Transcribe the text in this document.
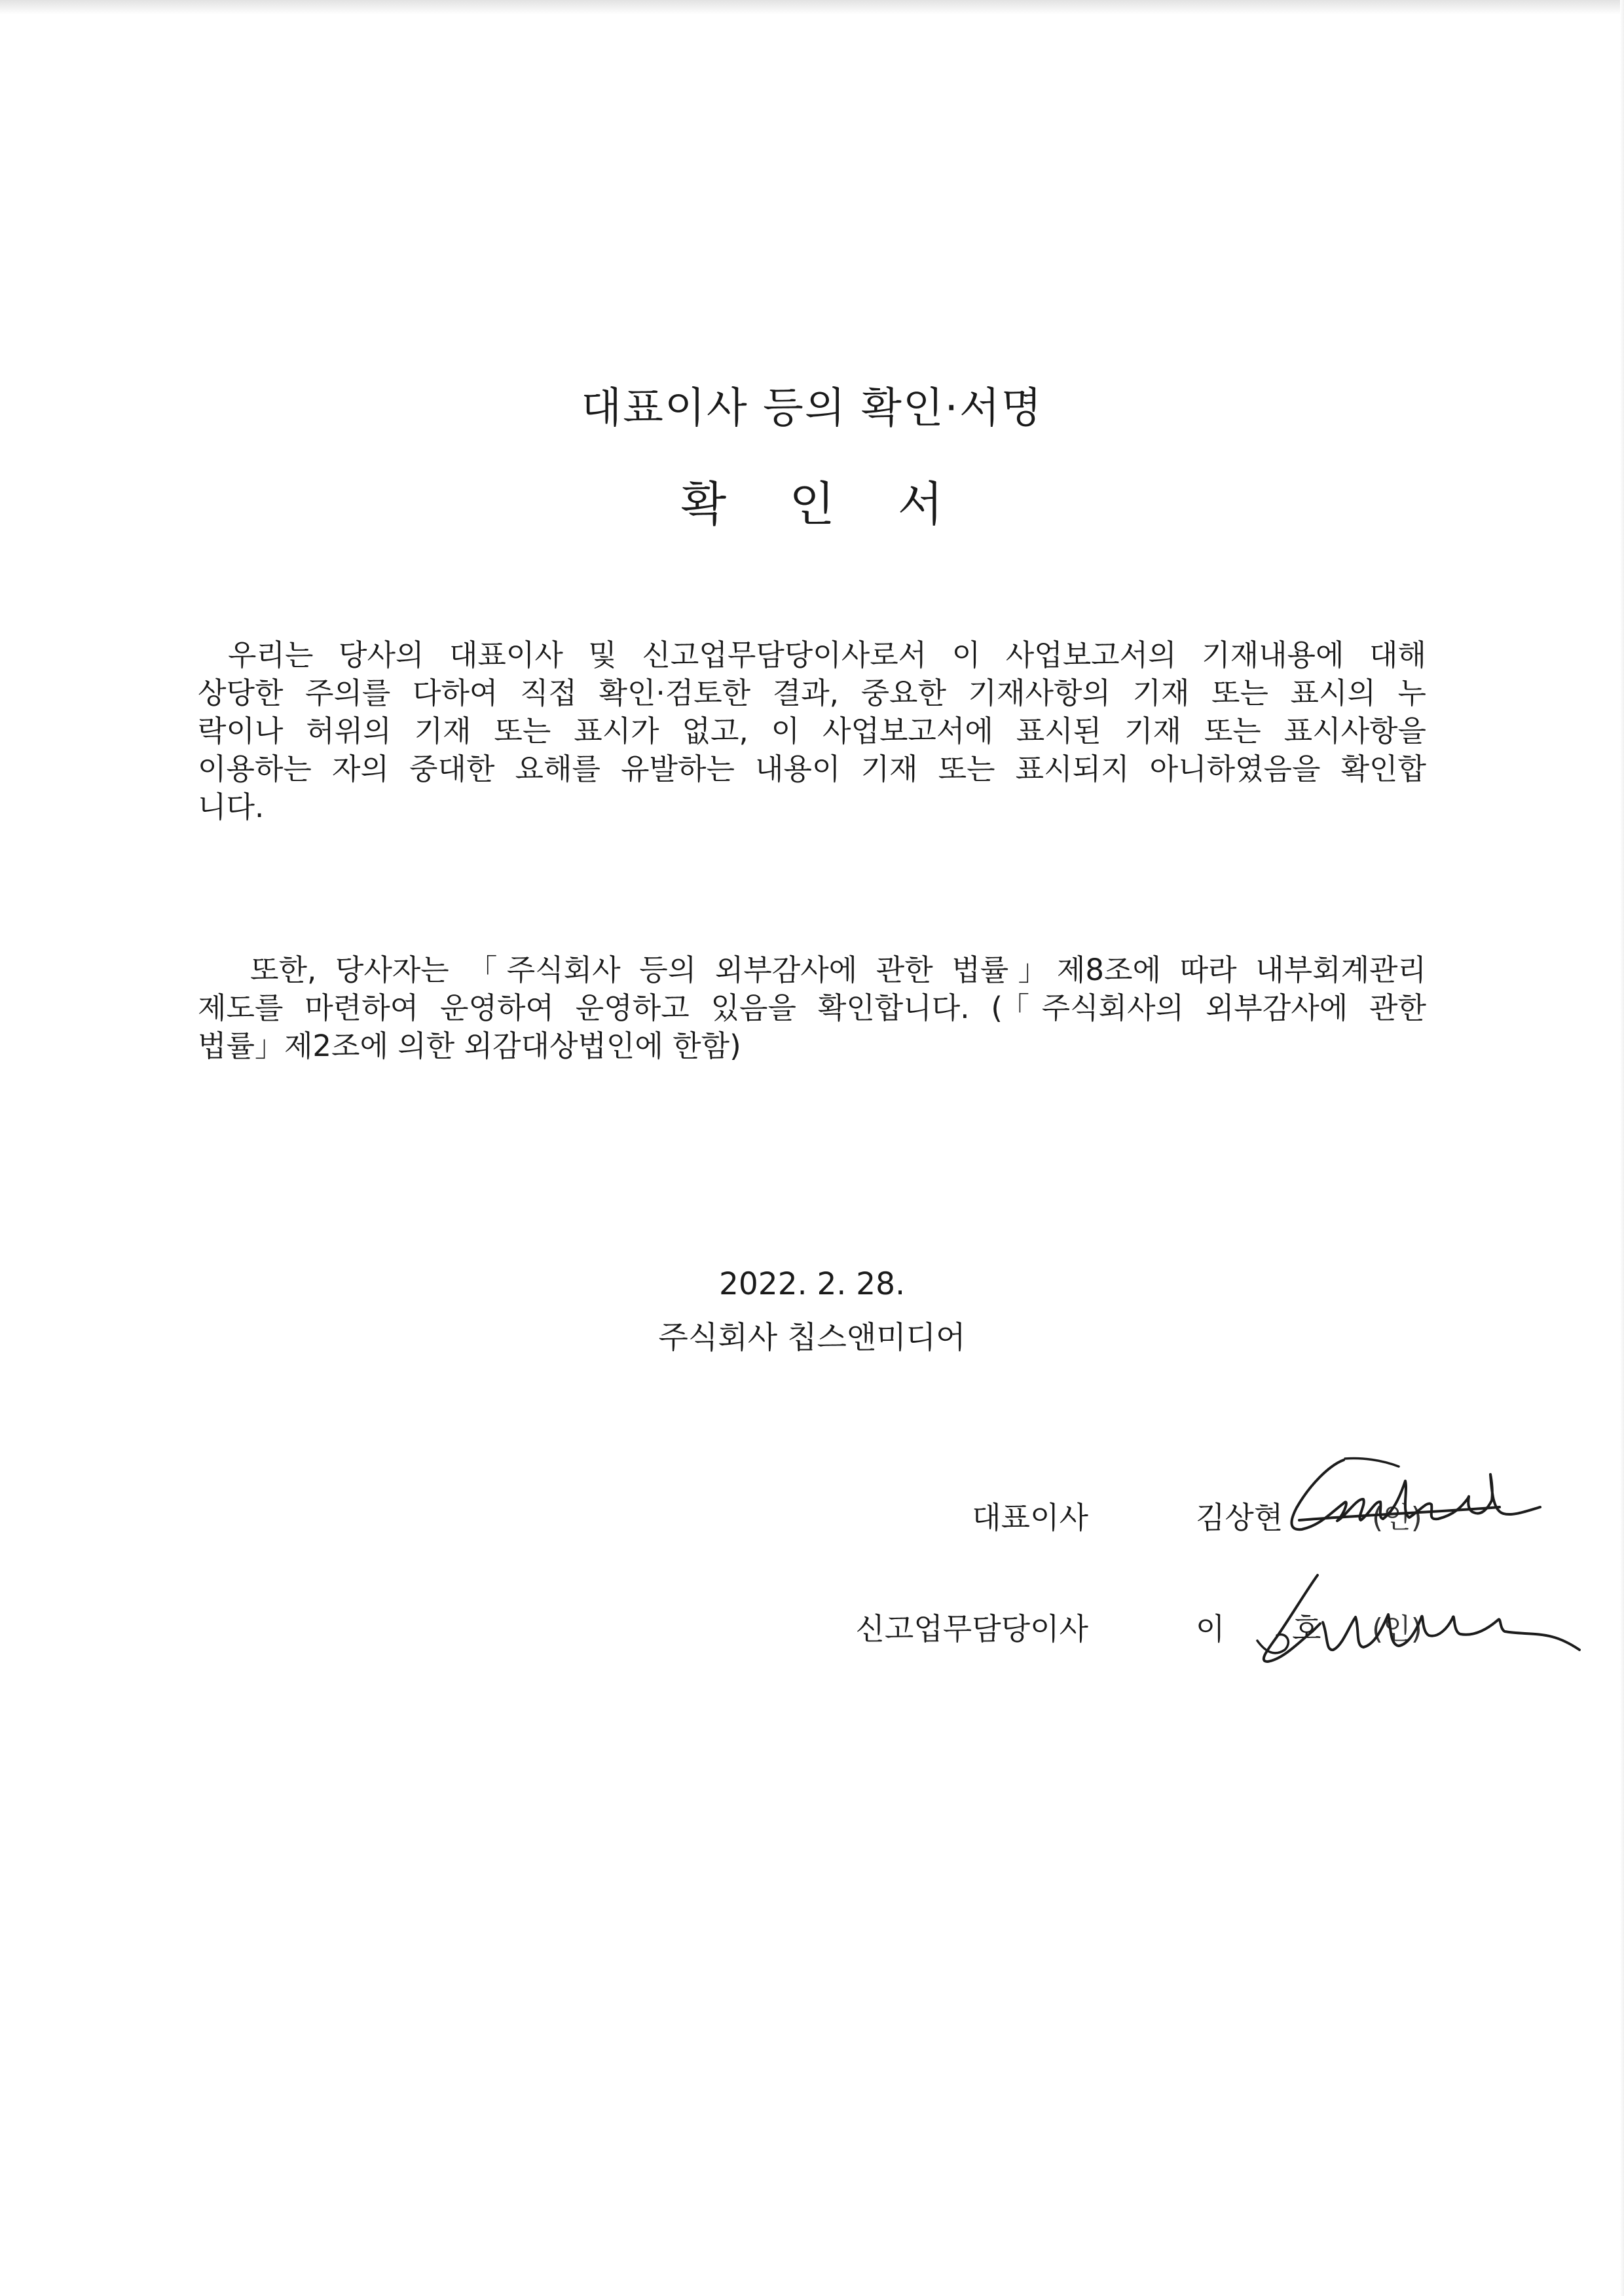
대표이사 등의 확인·서명
확인서
우리는 당사의 대표이사 및 신고업무담당이사로서 이 사업보고서의 기재내용에 대해
상당한 주의를 다하여 직접 확인·검토한 결과, 중요한 기재사항의 기재 또는 표시의 누
락이나 허위의 기재 또는 표시가 없고, 이 사업보고서에 표시된 기재 또는 표시사항을
이용하는 자의 중대한 요해를 유발하는 내용이 기재 또는 표시되지 아니하였음을 확인합
니다.
또한, 당사자는 「주식회사 등의 외부감사에 관한 법률」제8조에 따라 내부회계관리
제도를 마련하여 운영하여 운영하고 있음을 확인합니다. (「주식회사의 외부감사에 관한
법률」제2조에 의한 외감대상법인에 한함)
2022. 2. 28.
주식회사 칩스앤미디어
대표이사	김상현	(인)
신고업무담당이사	이 호 (인)
